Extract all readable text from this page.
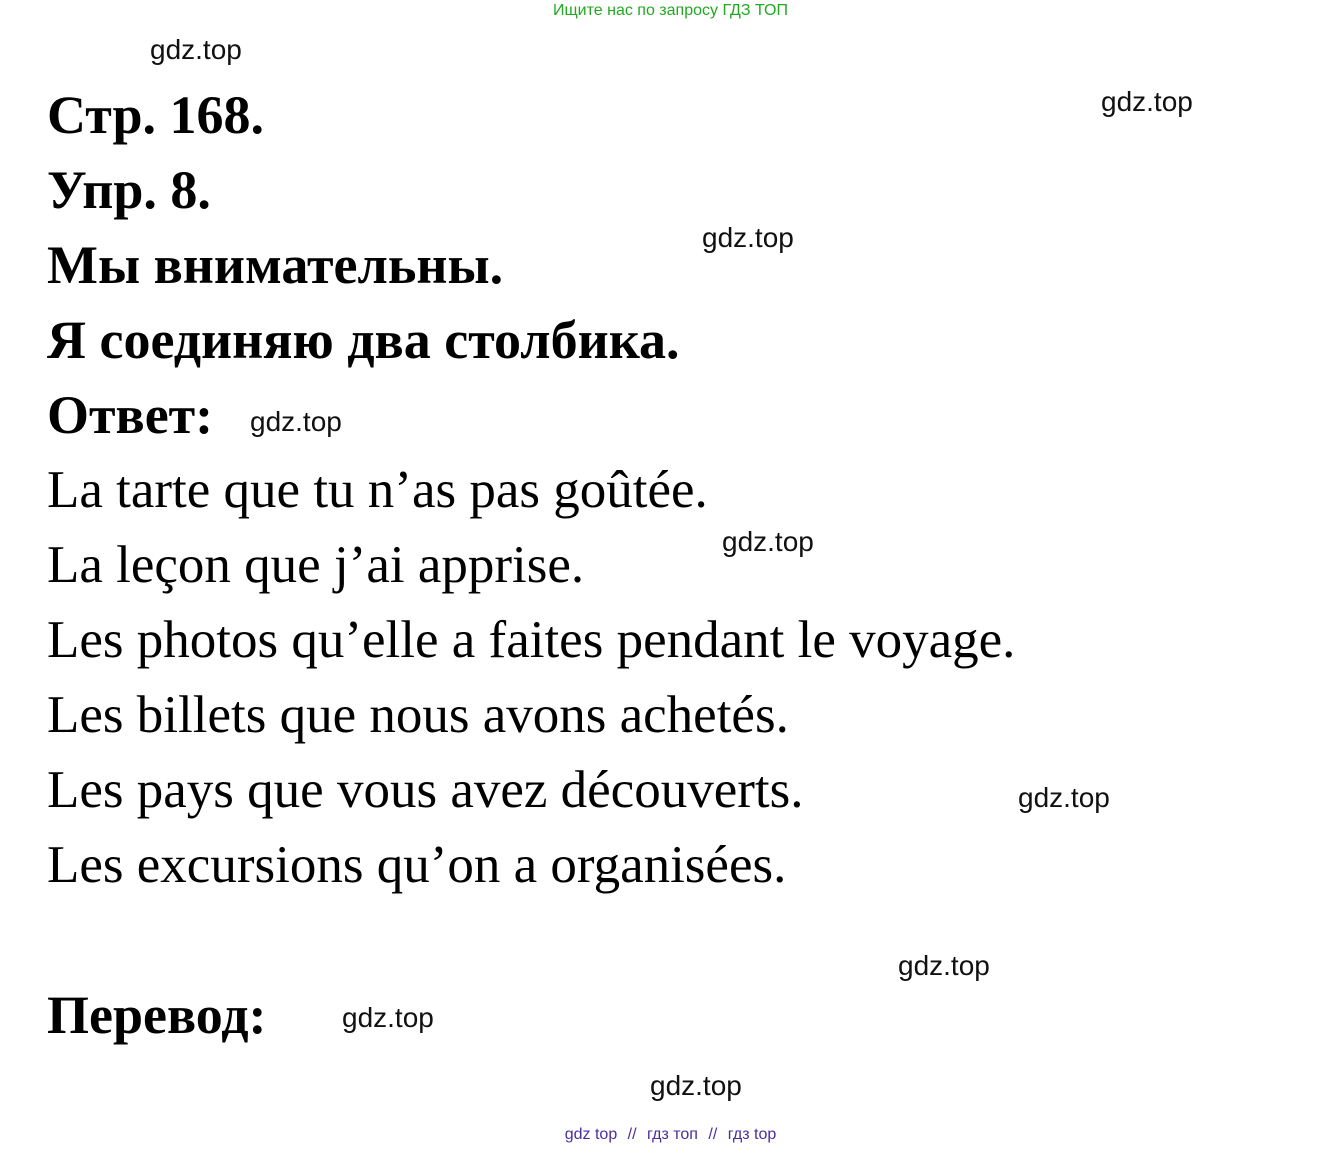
Ищите нас по запросу ГДЗ ТОП
gdz.top
gdz.top
gdz.top
gdz.top
gdz.top
gdz.top
gdz.top
gdz.top
gdz.top
Стр. 168.
Упр. 8.
Мы внимательны.
Я соединяю два столбика.
Ответ:
La tarte que tu n’as pas goûtée.
La leçon que j’ai apprise.
Les photos qu’elle a faites pendant le voyage.
Les billets que nous avons achetés.
Les pays que vous avez découverts.
Les excursions qu’on a organisées.
Перевод:
gdz top // гдз топ // гдз top
